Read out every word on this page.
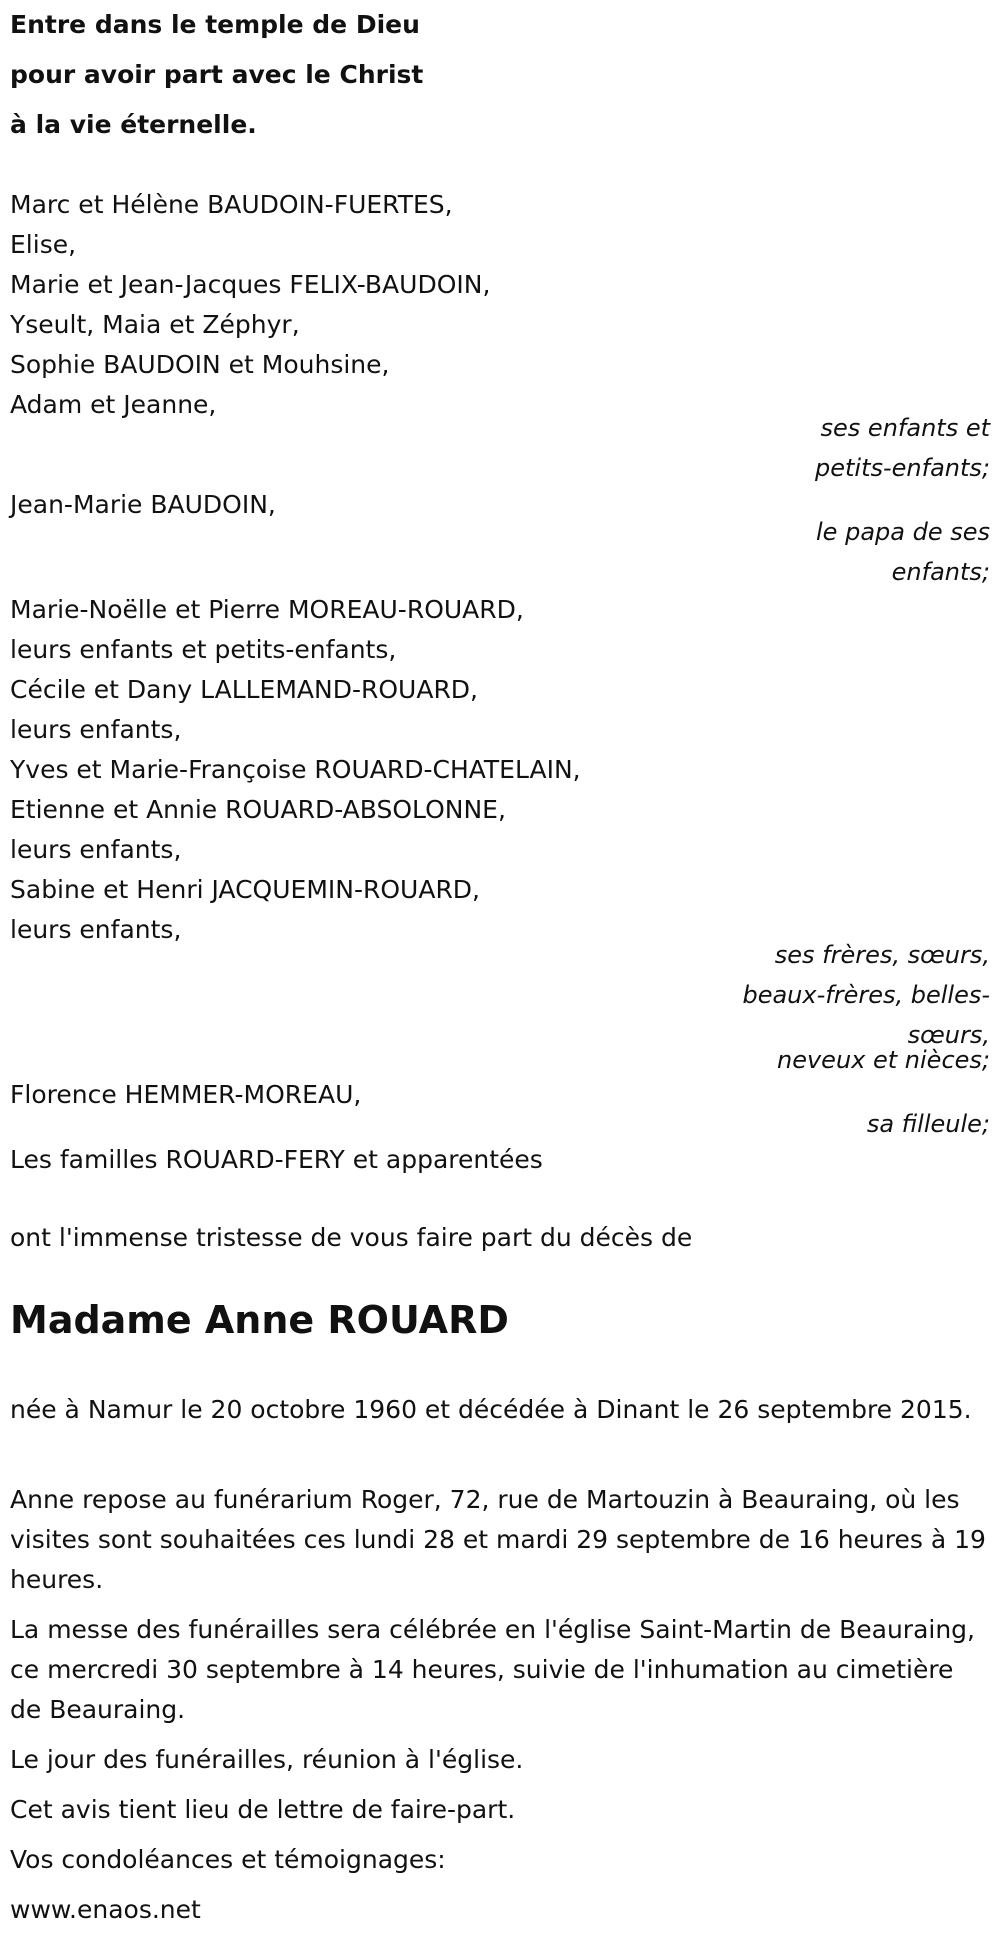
Entre dans le temple de Dieu
pour avoir part avec le Christ
à la vie éternelle.
Marc et Hélène BAUDOIN-FUERTES,
Elise,
Marie et Jean-Jacques FELIX-BAUDOIN,
Yseult, Maia et Zéphyr,
Sophie BAUDOIN et Mouhsine,
Adam et Jeanne,
ses enfants et
petits-enfants;
Jean-Marie BAUDOIN,
le papa de ses
enfants;
Marie-Noëlle et Pierre MOREAU-ROUARD,
leurs enfants et petits-enfants,
Cécile et Dany LALLEMAND-ROUARD,
leurs enfants,
Yves et Marie-Françoise ROUARD-CHATELAIN,
Etienne et Annie ROUARD-ABSOLONNE,
leurs enfants,
Sabine et Henri JACQUEMIN-ROUARD,
leurs enfants,
ses frères, sœurs,
beaux-frères, belles-
sœurs,
neveux et nièces;
Florence HEMMER-MOREAU,
sa filleule;
Les familles ROUARD-FERY et apparentées
ont l'immense tristesse de vous faire part du décès de
Madame Anne ROUARD
née à Namur le 20 octobre 1960 et décédée à Dinant le 26 septembre 2015.
Anne repose au funérarium Roger, 72, rue de Martouzin à Beauraing, où les visites sont souhaitées ces lundi 28 et mardi 29 septembre de 16 heures à 19 heures.
La messe des funérailles sera célébrée en l'église Saint-Martin de Beauraing, ce mercredi 30 septembre à 14 heures, suivie de l'inhumation au cimetière de Beauraing.
Le jour des funérailles, réunion à l'église.
Cet avis tient lieu de lettre de faire-part.
Vos condoléances et témoignages:
www.enaos.net
